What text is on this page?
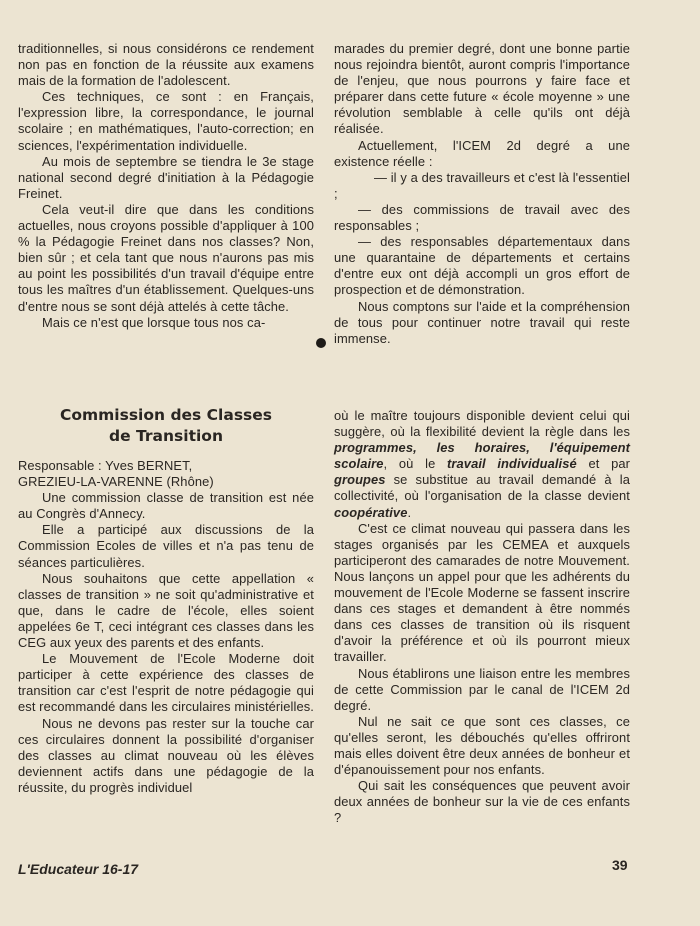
traditionnelles, si nous considérons ce rendement non pas en fonction de la réussite aux examens mais de la formation de l'adolescent.

Ces techniques, ce sont : en Français, l'expression libre, la correspondance, le journal scolaire ; en mathématiques, l'auto-correction; en sciences, l'expérimentation individuelle.

Au mois de septembre se tiendra le 3e stage national second degré d'initiation à la Pédagogie Freinet.

Cela veut-il dire que dans les conditions actuelles, nous croyons possible d'appliquer à 100 % la Pédagogie Freinet dans nos classes? Non, bien sûr ; et cela tant que nous n'aurons pas mis au point les possibilités d'un travail d'équipe entre tous les maîtres d'un établissement. Quelques-uns d'entre nous se sont déjà attelés à cette tâche.

Mais ce n'est que lorsque tous nos ca-

marades du premier degré, dont une bonne partie nous rejoindra bientôt, auront compris l'importance de l'enjeu, que nous pourrons y faire face et préparer dans cette future « école moyenne » une révolution semblable à celle qu'ils ont déjà réalisée.

Actuellement, l'ICEM 2d degré a une existence réelle :

— il y a des travailleurs et c'est là l'essentiel ;

— des commissions de travail avec des responsables ;

— des responsables départementaux dans une quarantaine de départements et certains d'entre eux ont déjà accompli un gros effort de prospection et de démonstration.

Nous comptons sur l'aide et la compréhension de tous pour continuer notre travail qui reste immense.

Commission des Classes
de Transition

Responsable : Yves BERNET,

GREZIEU-LA-VARENNE (Rhône)

Une commission classe de transition est née au Congrès d'Annecy.

Elle a participé aux discussions de la Commission Ecoles de villes et n'a pas tenu de séances particulières.

Nous souhaitons que cette appellation « classes de transition » ne soit qu'administrative et que, dans le cadre de l'école, elles soient appelées 6e T, ceci intégrant ces classes dans les CEG aux yeux des parents et des enfants.

Le Mouvement de l'Ecole Moderne doit participer à cette expérience des classes de transition car c'est l'esprit de notre pédagogie qui est recommandé dans les circulaires ministérielles.

Nous ne devons pas rester sur la touche car ces circulaires donnent la possibilité d'organiser des classes au climat nouveau où les élèves deviennent actifs dans une pédagogie de la réussite, du progrès individuel

où le maître toujours disponible devient celui qui suggère, où la flexibilité devient la règle dans les programmes, les horaires, l'équipement scolaire, où le travail individualisé et par groupes se substitue au travail demandé à la collectivité, où l'organisation de la classe devient coopérative.

C'est ce climat nouveau qui passera dans les stages organisés par les CEMEA et auxquels participeront des camarades de notre Mouvement. Nous lançons un appel pour que les adhérents du mouvement de l'Ecole Moderne se fassent inscrire dans ces stages et demandent à être nommés dans ces classes de transition où ils risquent d'avoir la préférence et où ils pourront mieux travailler.

Nous établirons une liaison entre les membres de cette Commission par le canal de l'ICEM 2d degré.

Nul ne sait ce que sont ces classes, ce qu'elles seront, les débouchés qu'elles offriront mais elles doivent être deux années de bonheur et d'épanouissement pour nos enfants.

Qui sait les conséquences que peuvent avoir deux années de bonheur sur la vie de ces enfants ?

L'Educateur 16-17	39
